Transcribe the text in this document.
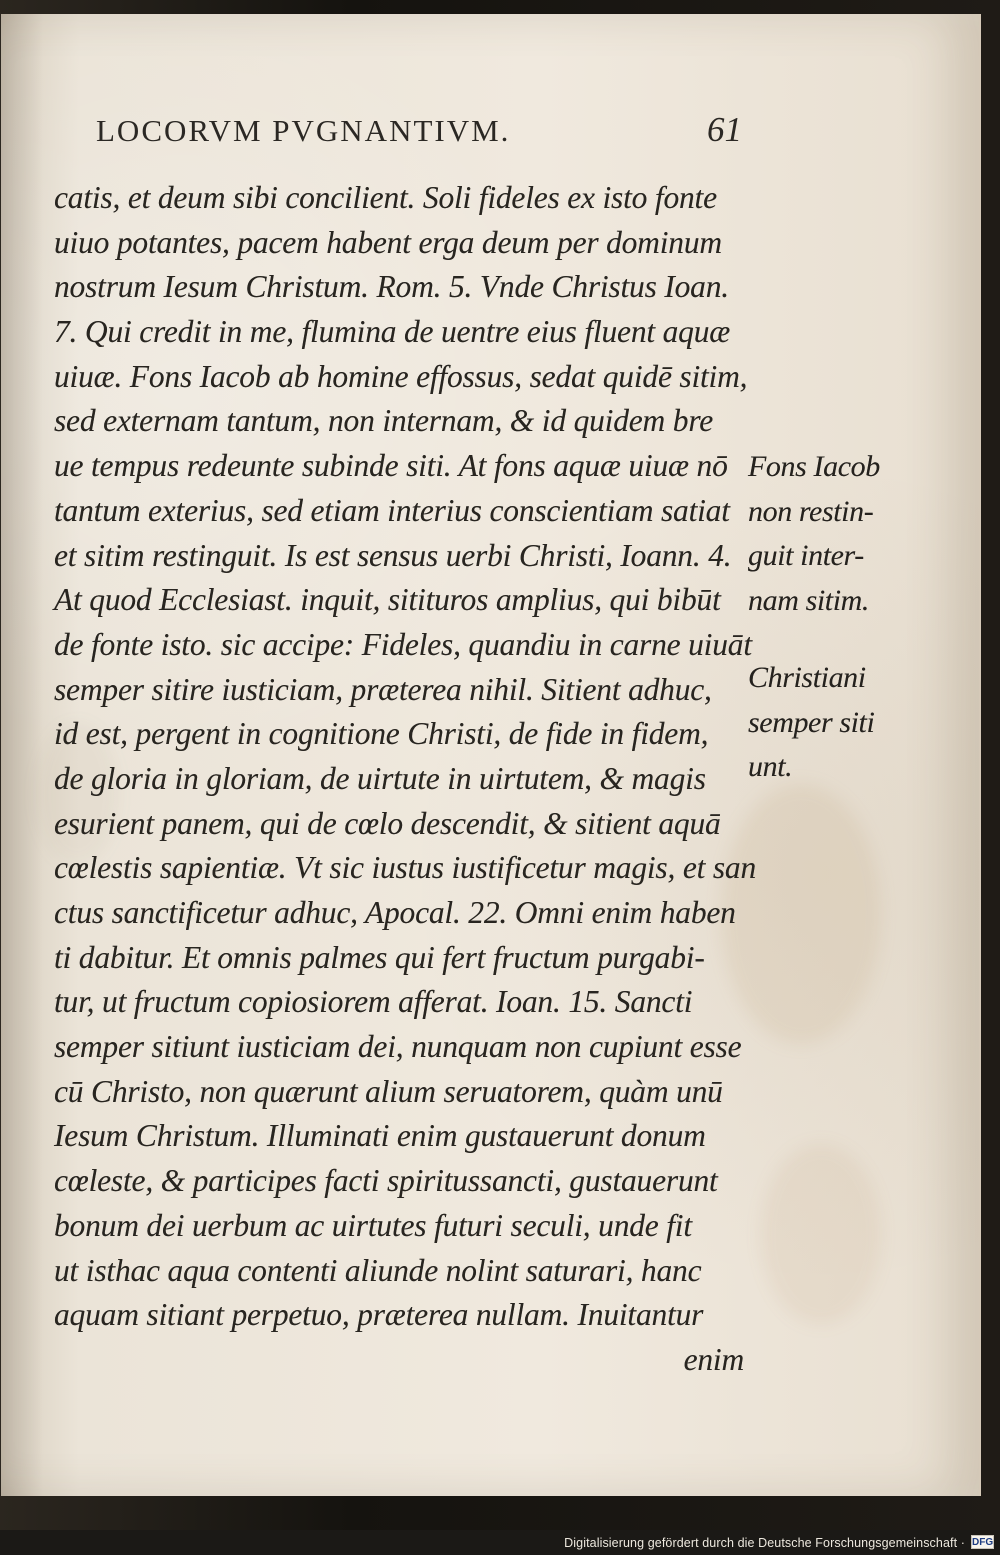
LOCORVM PVGNANTIVM.	61
catis, et deum sibi concilient. Soli fideles ex isto fonte
uiuo potantes, pacem habent erga deum per dominum
nostrum Iesum Christum. Rom. 5. Vnde Christus Ioan.
7. Qui credit in me, flumina de uentre eius fluent aquæ
uiuæ. Fons Iacob ab homine effossus, sedat quidē sitim,
sed externam tantum, non internam, & id quidem bre
ue tempus redeunte subinde siti. At fons aquæ uiuæ nō
tantum exterius, sed etiam interius conscientiam satiat
et sitim restinguit. Is est sensus uerbi Christi, Ioann. 4.
At quod Ecclesiast. inquit, sitituros amplius, qui bibūt
de fonte isto. sic accipe: Fideles, quandiu in carne uiuāt
semper sitire iusticiam, præterea nihil. Sitient adhuc,
id est, pergent in cognitione Christi, de fide in fidem,
de gloria in gloriam, de uirtute in uirtutem, & magis
esurient panem, qui de cœlo descendit, & sitient aquā
cœlestis sapientiæ. Vt sic iustus iustificetur magis, et san
ctus sanctificetur adhuc, Apocal. 22. Omni enim haben
ti dabitur. Et omnis palmes qui fert fructum purgabi-
tur, ut fructum copiosiorem afferat. Ioan. 15. Sancti
semper sitiunt iusticiam dei, nunquam non cupiunt esse
cū Christo, non quærunt alium seruatorem, quàm unū
Iesum Christum. Illuminati enim gustauerunt donum
cœleste, & participes facti spiritussancti, gustauerunt
bonum dei uerbum ac uirtutes futuri seculi, unde fit
ut isthac aqua contenti aliunde nolint saturari, hanc
aquam sitiant perpetuo, præterea nullam. Inuitantur
enim
Fons Iacob
non restin-
guit inter-
nam sitim.
Christiani
semper siti
unt.
Digitalisierung gefördert durch die Deutsche Forschungsgemeinschaft · DFG
